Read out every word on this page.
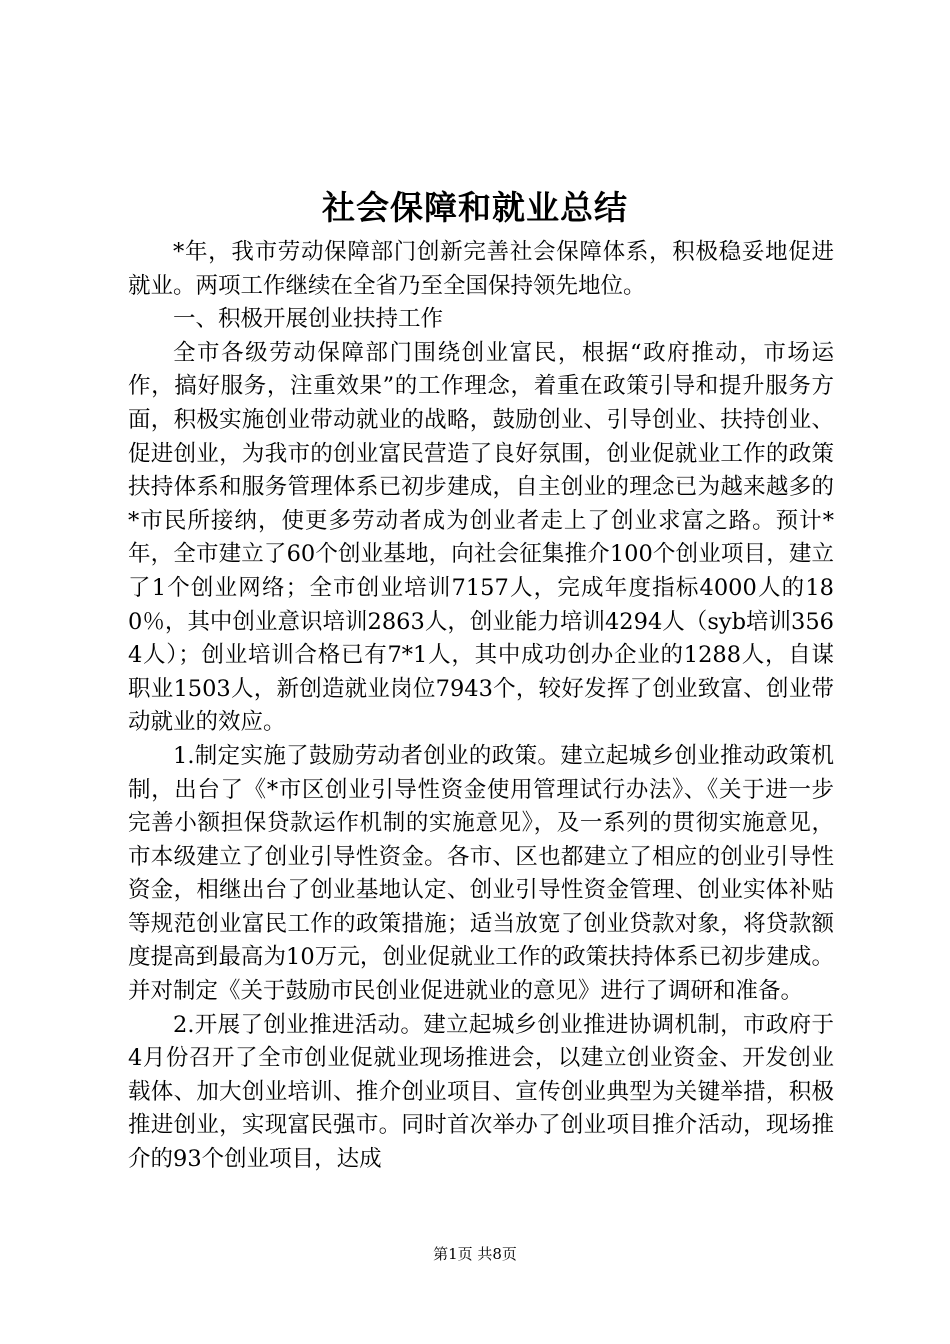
社会保障和就业总结

*年，我市劳动保障部门创新完善社会保障体系，积极稳妥地促进就业。两项工作继续在全省乃至全国保持领先地位。

一、积极开展创业扶持工作

全市各级劳动保障部门围绕创业富民，根据“政府推动，市场运作，搞好服务，注重效果”的工作理念，着重在政策引导和提升服务方面，积极实施创业带动就业的战略，鼓励创业、引导创业、扶持创业、促进创业，为我市的创业富民营造了良好氛围，创业促就业工作的政策扶持体系和服务管理体系已初步建成，自主创业的理念已为越来越多的*市民所接纳，使更多劳动者成为创业者走上了创业求富之路。预计*年，全市建立了60个创业基地，向社会征集推介100个创业项目，建立了1个创业网络；全市创业培训7157人，完成年度指标4000人的180％，其中创业意识培训2863人，创业能力培训4294人（syb培训3564人）；创业培训合格已有7*1人，其中成功创办企业的1288人，自谋职业1503人，新创造就业岗位7943个，较好发挥了创业致富、创业带动就业的效应。

1.制定实施了鼓励劳动者创业的政策。建立起城乡创业推动政策机制，出台了《*市区创业引导性资金使用管理试行办法》、《关于进一步完善小额担保贷款运作机制的实施意见》，及一系列的贯彻实施意见，市本级建立了创业引导性资金。各市、区也都建立了相应的创业引导性资金，相继出台了创业基地认定、创业引导性资金管理、创业实体补贴等规范创业富民工作的政策措施；适当放宽了创业贷款对象，将贷款额度提高到最高为10万元，创业促就业工作的政策扶持体系已初步建成。并对制定《关于鼓励市民创业促进就业的意见》进行了调研和准备。

2.开展了创业推进活动。建立起城乡创业推进协调机制，市政府于4月份召开了全市创业促就业现场推进会，以建立创业资金、开发创业载体、加大创业培训、推介创业项目、宣传创业典型为关键举措，积极推进创业，实现富民强市。同时首次举办了创业项目推介活动，现场推介的93个创业项目，达成

第1页 共8页
